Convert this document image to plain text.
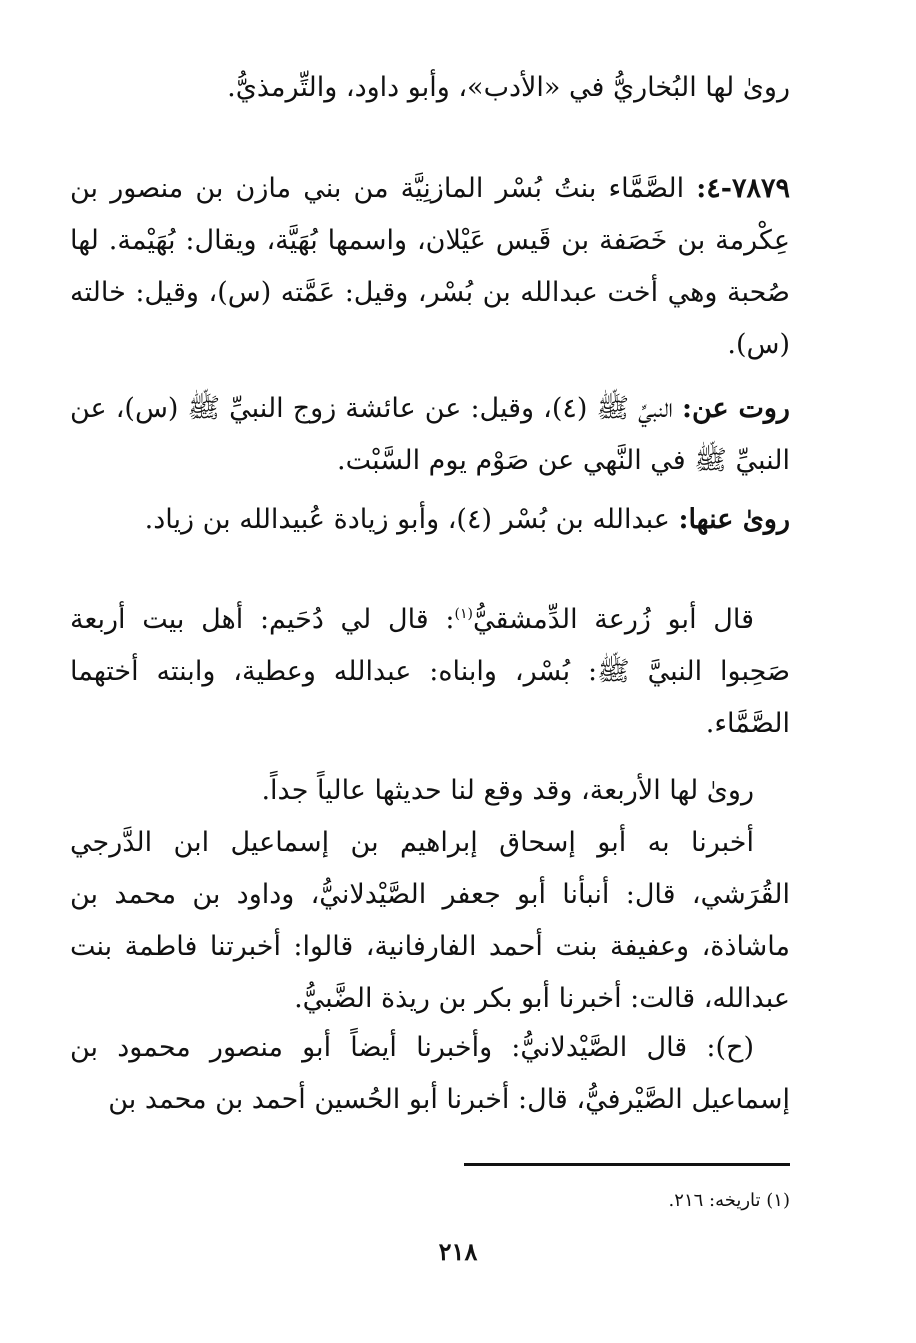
رویٰ لها البُخاريُّ في «الأدب»، وأبو داود، والتِّرمذيُّ.

٧٨٧٩-٤: الصَّمَّاء بنتُ بُسْر المازنِيَّة من بني مازن بن منصور بن عِكْرمة بن خَصَفة بن قَيس عَيْلان، واسمها بُهَيَّة، ويقال: بُهَيْمة. لها صُحبة وهي أخت عبدالله بن بُسْر، وقيل: عَمَّته (س)، وقيل: خالته (س).

روت عن: النبيِّ ﷺ (٤)، وقيل: عن عائشة زوج النبيِّ ﷺ (س)، عن النبيِّ ﷺ في النَّهي عن صَوْم يوم السَّبْت.

رویٰ عنها: عبدالله بن بُسْر (٤)، وأبو زيادة عُبيدالله بن زياد.

قال أبو زُرعة الدِّمشقيُّ$^{(١)}$: قال لي دُحَيم: أهل بيت أربعة صَحِبوا النبيَّ ﷺ: بُسْر، وابناه: عبدالله وعطية، وابنته أختهما الصَّمَّاء.

رویٰ لها الأربعة، وقد وقع لنا حديثها عالياً جداً.

أخبرنا به أبو إسحاق إبراهيم بن إسماعيل ابن الدَّرجي القُرَشي، قال: أنبأنا أبو جعفر الصَّيْدلانيُّ، وداود بن محمد بن ماشاذة، وعفيفة بنت أحمد الفارفانية، قالوا: أخبرتنا فاطمة بنت عبدالله، قالت: أخبرنا أبو بكر بن ريذة الضَّبيُّ.

(ح): قال الصَّيْدلانيُّ: وأخبرنا أيضاً أبو منصور محمود بن إسماعيل الصَّيْرفيُّ، قال: أخبرنا أبو الحُسين أحمد بن محمد بن

(١) تاريخه: ٢١٦.
٢١٨
